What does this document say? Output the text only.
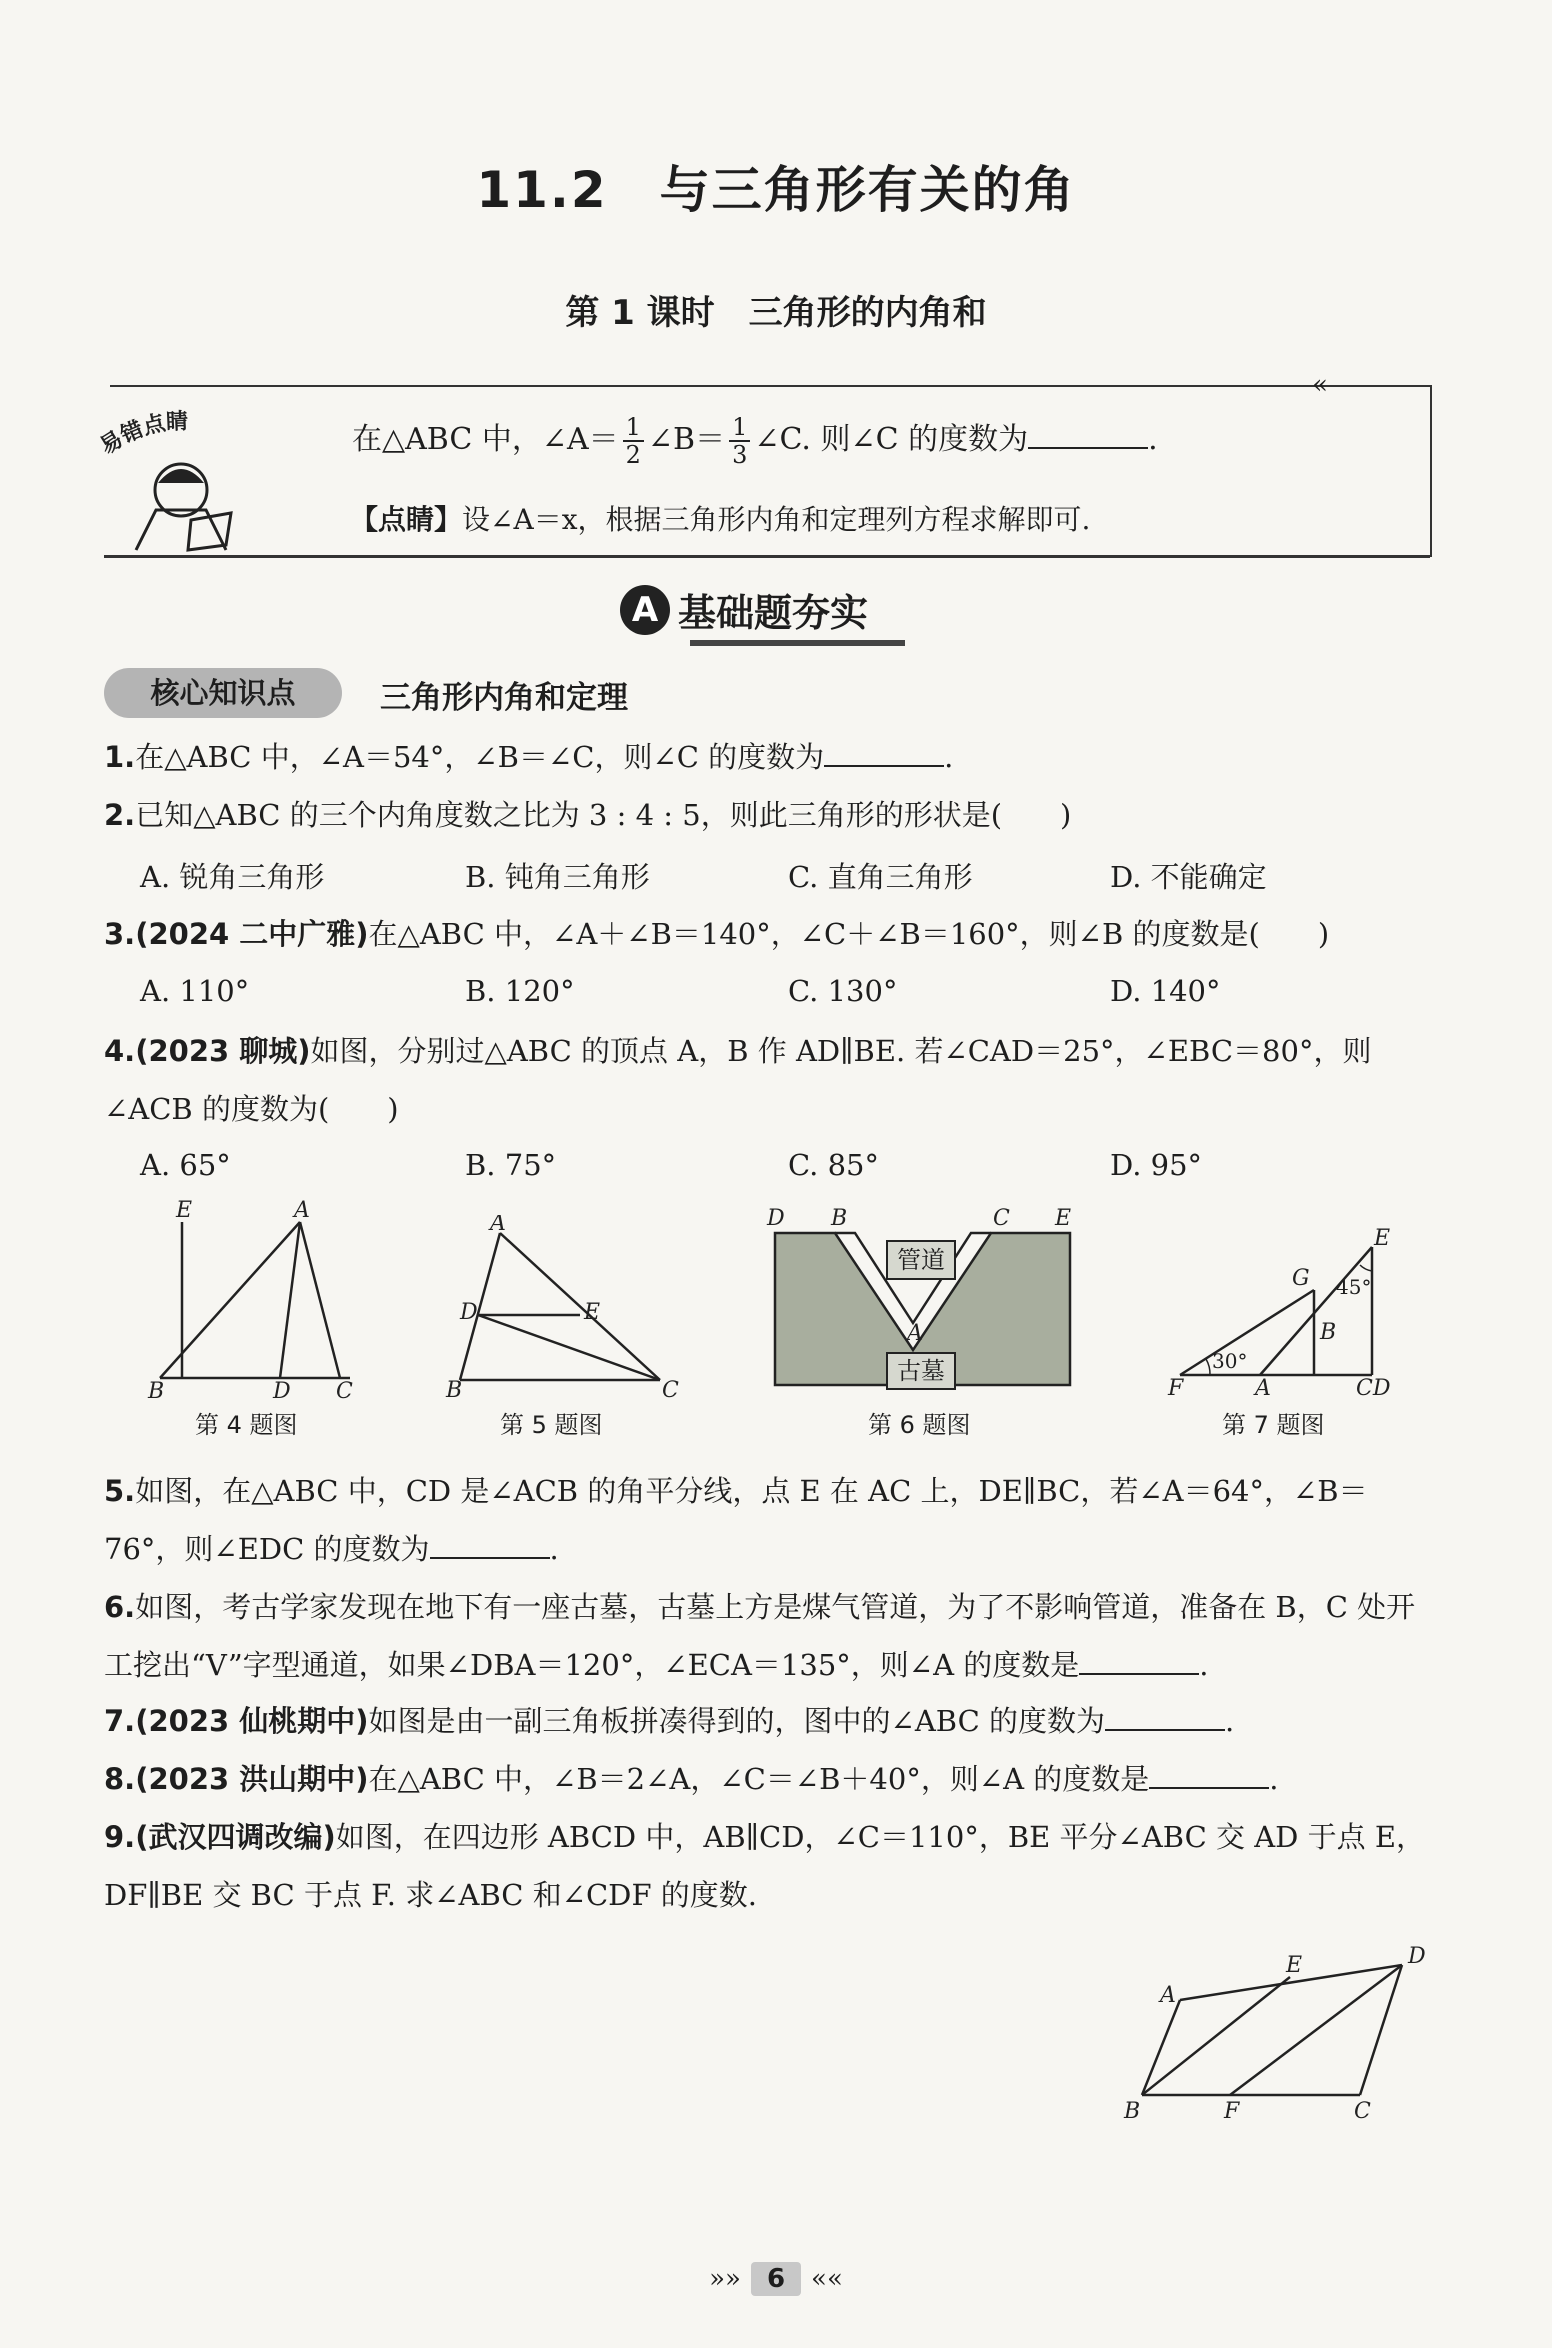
11.2　与三角形有关的角
第 1 课时　三角形的内角和
«
易错点睛	在△ABC 中，∠A＝ $\frac{1}{2}$ ∠B＝ $\frac{1}{3}$ ∠C. 则∠C 的度数为	.
【点睛】设∠A＝x，根据三角形内角和定理列方程求解即可.
A 基础题夯实
核心知识点	三角形内角和定理
1.在△ABC 中，∠A＝54°，∠B＝∠C，则∠C 的度数为	.
2.已知△ABC 的三个内角度数之比为 3 : 4 : 5，则此三角形的形状是(　　)
A. 锐角三角形	B. 钝角三角形	C. 直角三角形	D. 不能确定
3.(2024 二中广雅)在△ABC 中，∠A＋∠B＝140°，∠C＋∠B＝160°，则∠B 的度数是(　　)
A. 110°	B. 120°	C. 130°	D. 140°
4.(2023 聊城)如图，分别过△ABC 的顶点 A，B 作 AD∥BE. 若∠CAD＝25°，∠EBC＝80°，则∠ACB 的度数为(　　)
A. 65°	B. 75°	C. 85°	D. 95°
E	A
B	D C
第 4 题图
A
D	E
B	C
第 5 题图
D B	C E
A
管道
古墓
第 6 题图
G
E
B
F	A	CD
30°
45°
第 7 题图
5.如图，在△ABC 中，CD 是∠ACB 的角平分线，点 E 在 AC 上，DE∥BC，若∠A＝64°，∠B＝76°，则∠EDC 的度数为	.
6.如图，考古学家发现在地下有一座古墓，古墓上方是煤气管道，为了不影响管道，准备在 B，C 处开工挖出“V”字型通道，如果∠DBA＝120°，∠ECA＝135°，则∠A 的度数是	.
7.(2023 仙桃期中)如图是由一副三角板拼凑得到的，图中的∠ABC 的度数为	.
8.(2023 洪山期中)在△ABC 中，∠B＝2∠A，∠C＝∠B＋40°，则∠A 的度数是	.
9.(武汉四调改编)如图，在四边形 ABCD 中，AB∥CD，∠C＝110°，BE 平分∠ABC 交 AD 于点 E，DF∥BE 交 BC 于点 F. 求∠ABC 和∠CDF 的度数.
A
E	D
B	F	C
»» 6 ««
